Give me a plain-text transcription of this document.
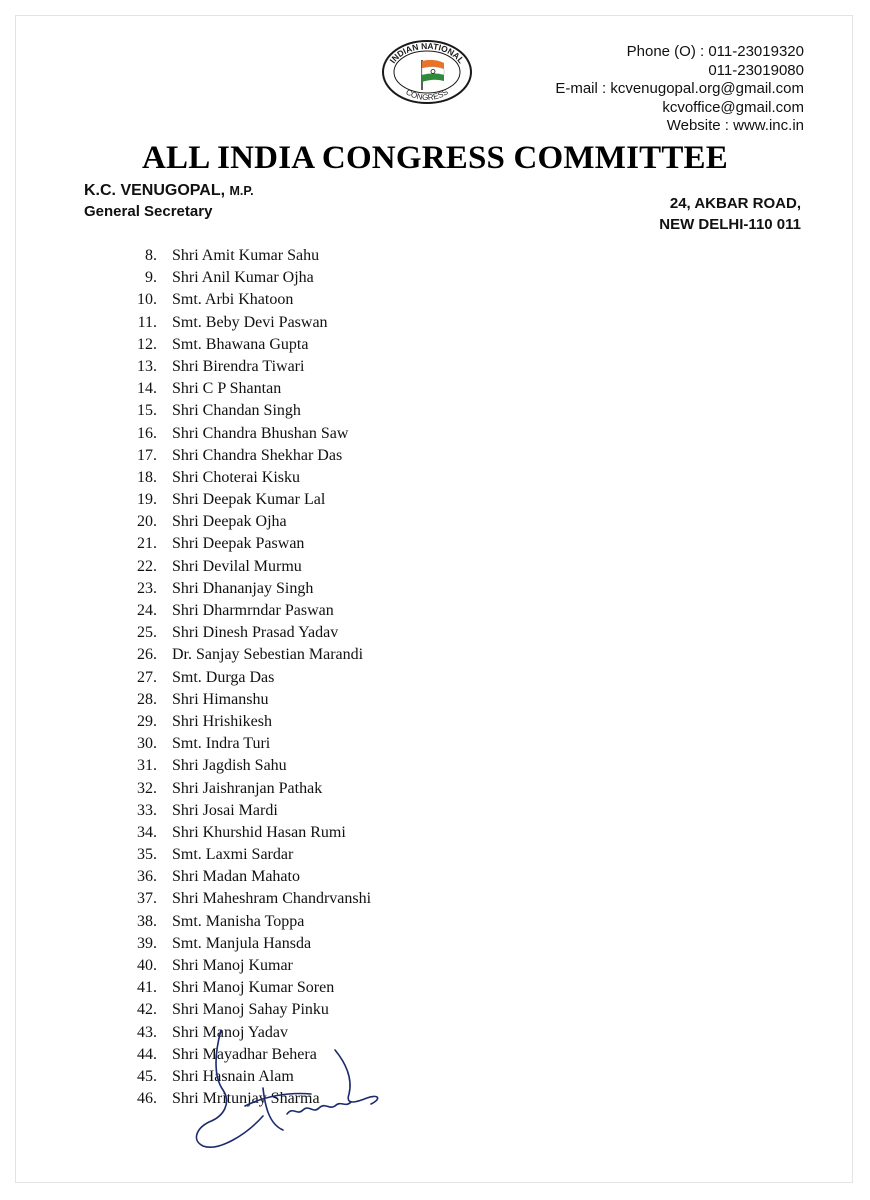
INDIAN NATIONAL
CONGRESS
Phone (O) : 011-23019320
011-23019080
E-mail : kcvenugopal.org@gmail.com
kcvoffice@gmail.com
Website : www.inc.in
ALL INDIA CONGRESS COMMITTEE
K.C. VENUGOPAL, M.P.
General Secretary	24, AKBAR ROAD,
NEW DELHI-110 011
8. Shri Amit Kumar Sahu
9. Shri Anil Kumar Ojha
10. Smt. Arbi Khatoon
11. Smt. Beby Devi Paswan
12. Smt. Bhawana Gupta
13. Shri Birendra Tiwari
14. Shri C P Shantan
15. Shri Chandan Singh
16. Shri Chandra Bhushan Saw
17. Shri Chandra Shekhar Das
18. Shri Choterai Kisku
19. Shri Deepak Kumar Lal
20. Shri Deepak Ojha
21. Shri Deepak Paswan
22. Shri Devilal Murmu
23. Shri Dhananjay Singh
24. Shri Dharmrndar Paswan
25. Shri Dinesh Prasad Yadav
26. Dr. Sanjay Sebestian Marandi
27. Smt. Durga Das
28. Shri Himanshu
29. Shri Hrishikesh
30. Smt. Indra Turi
31. Shri Jagdish Sahu
32. Shri Jaishranjan Pathak
33. Shri Josai Mardi
34. Shri Khurshid Hasan Rumi
35. Smt. Laxmi Sardar
36. Shri Madan Mahato
37. Shri Maheshram Chandrvanshi
38. Smt. Manisha Toppa
39. Smt. Manjula Hansda
40. Shri Manoj Kumar
41. Shri Manoj Kumar Soren
42. Shri Manoj Sahay Pinku
43. Shri Manoj Yadav
44. Shri Mayadhar Behera
45. Shri Hasnain Alam
46. Shri Mritunjay Sharma
